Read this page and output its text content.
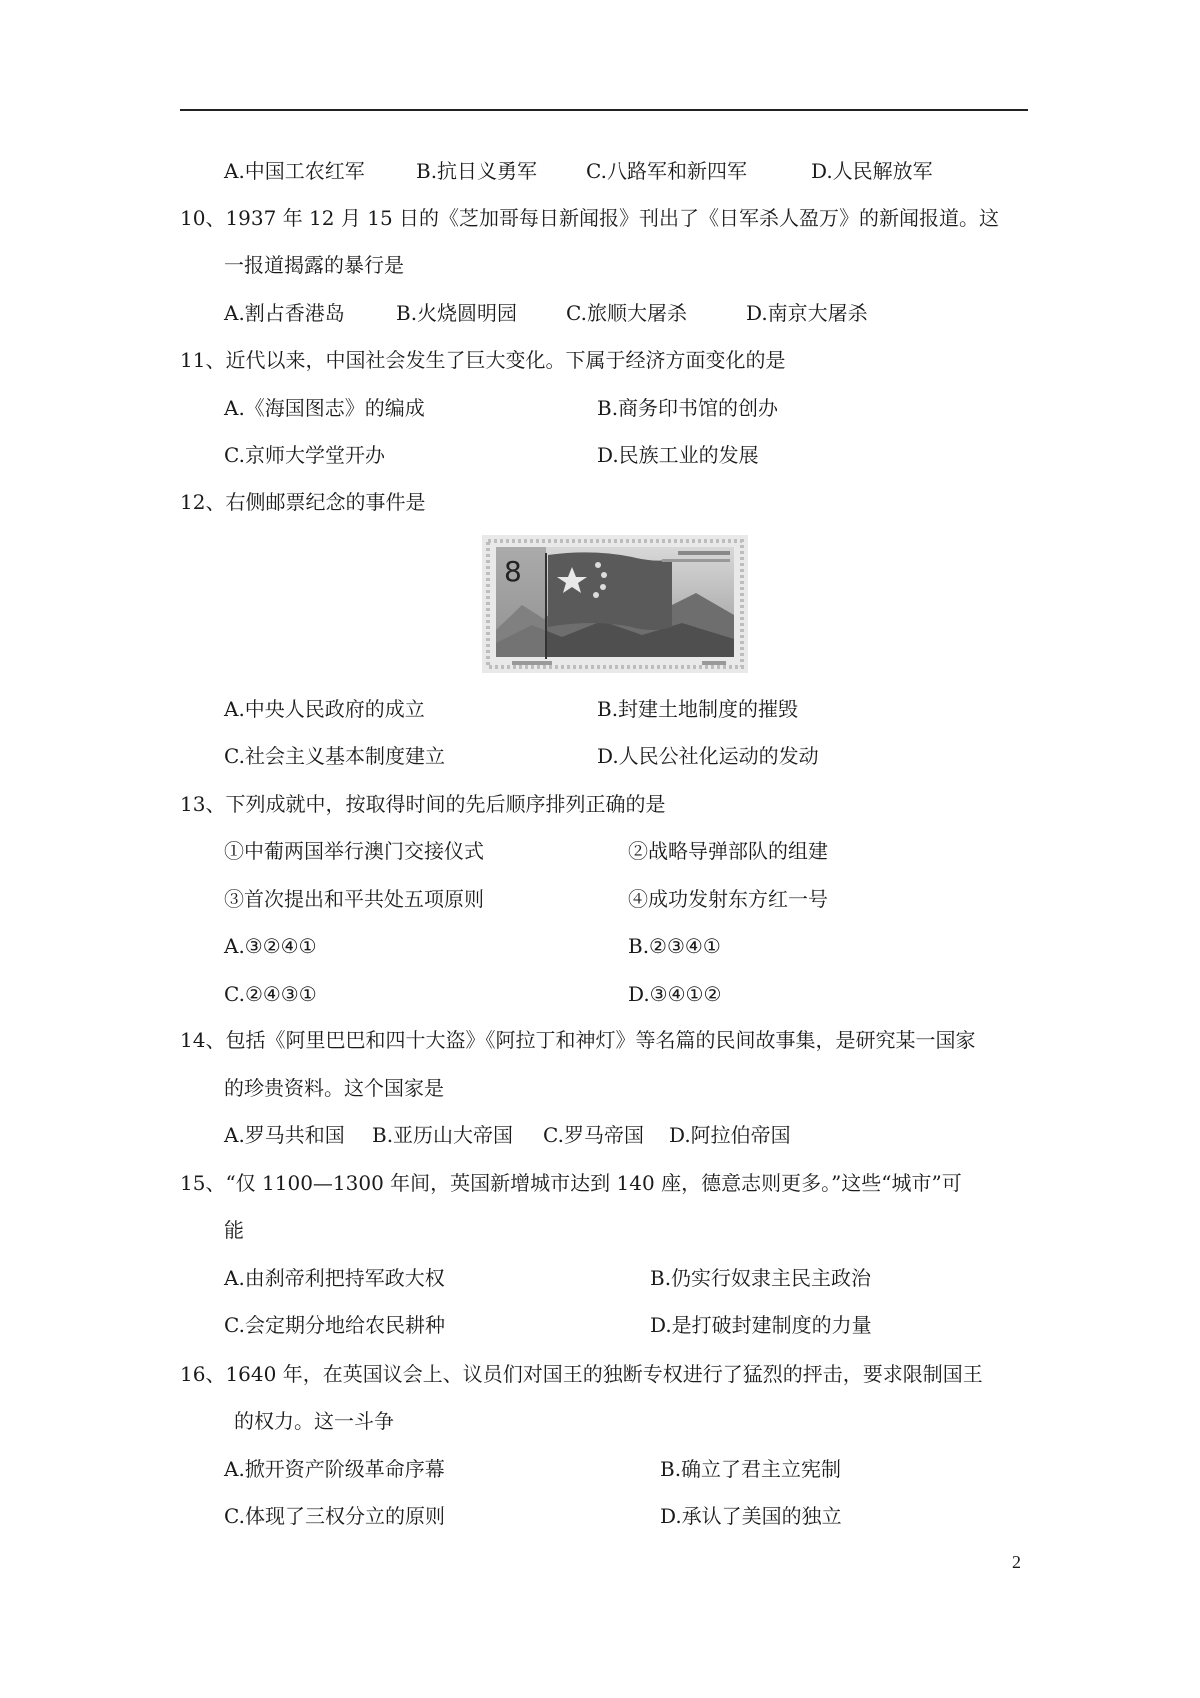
A.中国工农红军	B.抗日义勇军 C.八路军和新四军	D.人民解放军
10、1937 年 12 月 15 日的《芝加哥每日新闻报》刊出了《日军杀人盈万》的新闻报道。这
一报道揭露的暴行是
A.割占香港岛	B.火烧圆明园 C.旅顺大屠杀	D.南京大屠杀
11、近代以来，中国社会发生了巨大变化。下属于经济方面变化的是
A.《海国图志》的编成	B.商务印书馆的创办
C.京师大学堂开办	D.民族工业的发展
12、右侧邮票纪念的事件是
8
A.中央人民政府的成立	B.封建土地制度的摧毁
C.社会主义基本制度建立	D.人民公社化运动的发动
13、下列成就中，按取得时间的先后顺序排列正确的是
①中葡两国举行澳门交接仪式	②战略导弹部队的组建
③首次提出和平共处五项原则	④成功发射东方红一号
A.③②④①	B.②③④①
C.②④③①	D.③④①②
14、包括《阿里巴巴和四十大盗》《阿拉丁和神灯》等名篇的民间故事集，是研究某一国家
的珍贵资料。这个国家是
A.罗马共和国 B.亚历山大帝国 C.罗马帝国 D.阿拉伯帝国
15、“仅 1100—1300 年间，英国新增城市达到 140 座，德意志则更多。”这些“城市”可
能
A.由刹帝利把持军政大权	B.仍实行奴隶主民主政治
C.会定期分地给农民耕种	D.是打破封建制度的力量
16、1640 年，在英国议会上、议员们对国王的独断专权进行了猛烈的抨击，要求限制国王
的权力。这一斗争
A.掀开资产阶级革命序幕	B.确立了君主立宪制
C.体现了三权分立的原则	D.承认了美国的独立
2
